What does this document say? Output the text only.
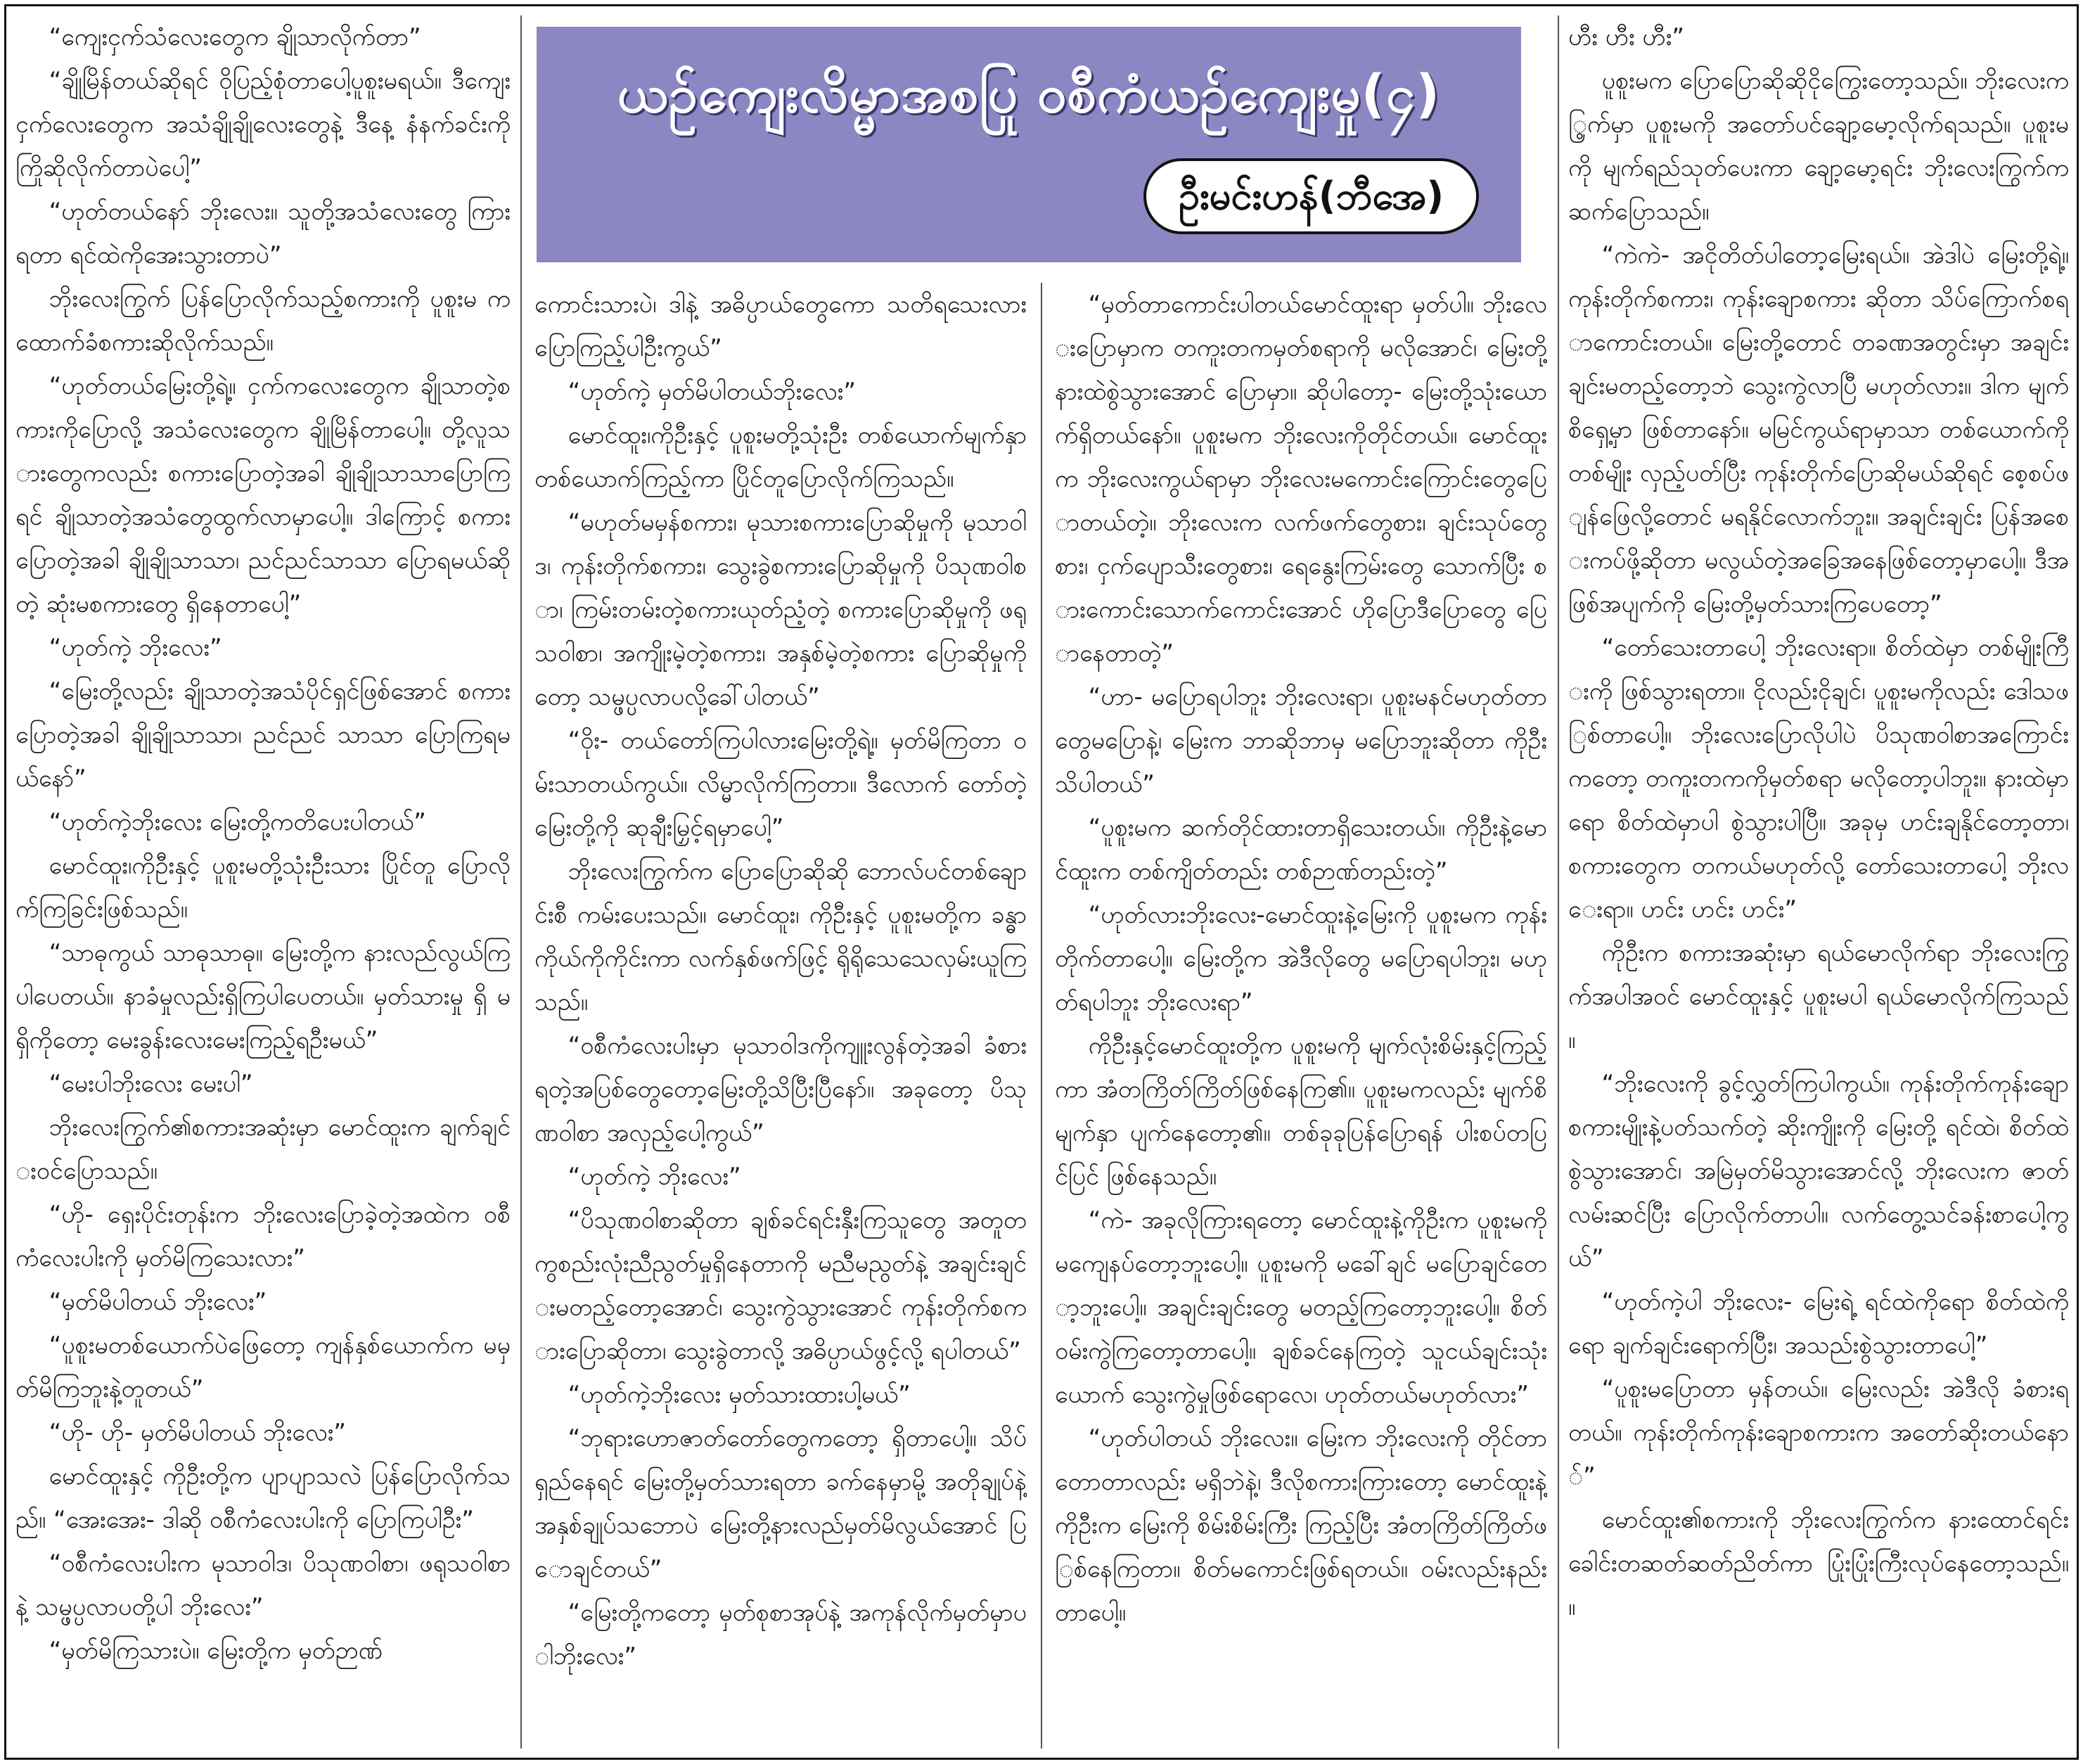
ယဉ်ကျေးလိမ္မာအစပြု ဝစီကံယဉ်ကျေးမှု(၄)
ဦးမင်းဟန်(ဘီအေ)

“ကျေးငှက်သံလေးတွေက ချိုသာလိုက်တာ”

“ချိုမြိန်တယ်ဆိုရင် ဝိုပြည့်စုံတာပေါ့ပူစူးမရယ်။ ဒီကျေးငှက်လေးတွေက အသံချိုချိုလေးတွေနဲ့ ဒီနေ့ နံနက်ခင်းကို ကြိုဆိုလိုက်တာပဲပေါ့”

“ဟုတ်တယ်နော် ဘိုးလေး။ သူတို့အသံလေးတွေ ကြားရတာ ရင်ထဲကိုအေးသွားတာပဲ”

ဘိုးလေးကြွက် ပြန်ပြောလိုက်သည့်စကားကို ပူစူးမ က ထောက်ခံစကားဆိုလိုက်သည်။

“ဟုတ်တယ်မြေးတို့ရဲ့။ ငှက်ကလေးတွေက ချိုသာတဲ့စကားကိုပြောလို့ အသံလေးတွေက ချိုမြိန်တာပေါ့။ တို့လူသားတွေကလည်း စကားပြောတဲ့အခါ ချိုချိုသာသာပြောကြရင် ချိုသာတဲ့အသံတွေထွက်လာမှာပေါ့။ ဒါကြောင့် စကားပြောတဲ့အခါ ချိုချိုသာသာ၊ ညင်ညင်သာသာ ပြောရမယ်ဆိုတဲ့ ဆုံးမစကားတွေ ရှိနေတာပေါ့”

“ဟုတ်ကဲ့ ဘိုးလေး”

“မြေးတို့လည်း ချိုသာတဲ့အသံပိုင်ရှင်ဖြစ်အောင် စကားပြောတဲ့အခါ ချိုချိုသာသာ၊ ညင်ညင် သာသာ ပြောကြရမယ်နော်”

“ဟုတ်ကဲ့ဘိုးလေး မြေးတို့ကတိပေးပါတယ်”

မောင်ထူး၊ကိုဦးနှင့် ပူစူးမတို့သုံးဦးသား ပြိုင်တူ ပြောလိုက်ကြခြင်းဖြစ်သည်။

“သာဓုကွယ် သာဓုသာဓု။ မြေးတို့က နားလည်လွယ်ကြပါပေတယ်။ နာခံမှုလည်းရှိကြပါပေတယ်။ မှတ်သားမှု ရှိ မရှိကိုတော့ မေးခွန်းလေးမေးကြည့်ရဦးမယ်”

“မေးပါဘိုးလေး မေးပါ”

ဘိုးလေးကြွက်၏စကားအဆုံးမှာ မောင်ထူးက ချက်ချင်းဝင်ပြောသည်။

“ဟို- ရှေးပိုင်းတုန်းက ဘိုးလေးပြောခဲ့တဲ့အထဲက ဝစီကံလေးပါးကို မှတ်မိကြသေးလား”

“မှတ်မိပါတယ် ဘိုးလေး”

“ပူစူးမတစ်ယောက်ပဲဖြေတော့ ကျန်နှစ်ယောက်က မမှတ်မိကြဘူးနဲ့တူတယ်”

“ဟို- ဟို- မှတ်မိပါတယ် ဘိုးလေး”

မောင်ထူးနှင့် ကိုဦးတို့က ပျာပျာသလဲ ပြန်ပြောလိုက်သည်။ “အေးအေး- ဒါဆို ဝစီကံလေးပါးကို ပြောကြပါဦး”

“ဝစီကံလေးပါးက မုသာဝါဒ၊ ပိသုဏဝါစာ၊ ဖရုသဝါစာနဲ့ သမ္ဖပ္ပလာပတို့ပါ ဘိုးလေး”

“မှတ်မိကြသားပဲ။ မြေးတို့က မှတ်ဉာဏ်

ကောင်းသားပဲ၊ ဒါနဲ့ အဓိပ္ပာယ်တွေကော သတိရသေးလား ပြောကြည့်ပါဦးကွယ်”

“ဟုတ်ကဲ့ မှတ်မိပါတယ်ဘိုးလေး”

မောင်ထူး၊ကိုဦးနှင့် ပူစူးမတို့သုံးဦး တစ်ယောက်မျက်နှာတစ်ယောက်ကြည့်ကာ ပြိုင်တူပြောလိုက်ကြသည်။

“မဟုတ်မမှန်စကား၊ မုသားစကားပြောဆိုမှုကို မုသာဝါဒ၊ ကုန်းတိုက်စကား၊ သွေးခွဲစကားပြောဆိုမှုကို ပိသုဏဝါစာ၊ ကြမ်းတမ်းတဲ့စကားယုတ်ညံ့တဲ့ စကားပြောဆိုမှုကို ဖရုသဝါစာ၊ အကျိုးမဲ့တဲ့စကား၊ အနှစ်မဲ့တဲ့စကား ပြောဆိုမှုကိုတော့ သမ္ဖပ္ပလာပလို့ခေါ်ပါတယ်”

“ဝိုး- တယ်တော်ကြပါလားမြေးတို့ရဲ့။ မှတ်မိကြတာ ဝမ်းသာတယ်ကွယ်။ လိမ္မာလိုက်ကြတာ။ ဒီလောက် တော်တဲ့မြေးတို့ကို ဆုချီးမြှင့်ရမှာပေါ့”

ဘိုးလေးကြွက်က ပြောပြောဆိုဆို ဘောလ်ပင်တစ်ချောင်းစီ ကမ်းပေးသည်။ မောင်ထူး၊ ကိုဦးနှင့် ပူစူးမတို့က ခန္ဓာကိုယ်ကိုကိုင်းကာ လက်နှစ်ဖက်ဖြင့် ရိုရိုသေသေလှမ်းယူကြသည်။

“ဝစီကံလေးပါးမှာ မုသာဝါဒကိုကျူးလွန်တဲ့အခါ ခံစားရတဲ့အပြစ်တွေတော့မြေးတို့သိပြီးပြီနော်။ အခုတော့ ပိသုဏဝါစာ အလှည့်ပေါ့ကွယ်”

“ဟုတ်ကဲ့ ဘိုးလေး”

“ပိသုဏဝါစာဆိုတာ ချစ်ခင်ရင်းနှီးကြသူတွေ အတူတကွစည်းလုံးညီညွတ်မှုရှိနေတာကို မညီမညွတ်နဲ့ အချင်းချင်းမတည့်တော့အောင်၊ သွေးကွဲသွားအောင် ကုန်းတိုက်စကားပြောဆိုတာ၊ သွေးခွဲတာလို့ အဓိပ္ပာယ်ဖွင့်လို့ ရပါတယ်”

“ဟုတ်ကဲ့ဘိုးလေး မှတ်သားထားပါ့မယ်”

“ဘုရားဟောဇာတ်တော်တွေကတော့ ရှိတာပေါ့။ သိပ်ရှည်နေရင် မြေးတို့မှတ်သားရတာ ခက်နေမှာမို့ အတိုချုပ်နဲ့ အနှစ်ချုပ်သဘောပဲ မြေးတို့နားလည်မှတ်မိလွယ်အောင် ပြောချင်တယ်”

“မြေးတို့ကတော့ မှတ်စုစာအုပ်နဲ့ အကုန်လိုက်မှတ်မှာပါဘိုးလေး”

“မှတ်တာကောင်းပါတယ်မောင်ထူးရာ မှတ်ပါ။ ဘိုးလေးပြောမှာက တကူးတကမှတ်စရာကို မလိုအောင်၊ မြေးတို့ နားထဲစွဲသွားအောင် ပြောမှာ။ ဆိုပါတော့- မြေးတို့သုံးယောက်ရှိတယ်နော်။ ပူစူးမက ဘိုးလေးကိုတိုင်တယ်။ မောင်ထူးက ဘိုးလေးကွယ်ရာမှာ ဘိုးလေးမကောင်းကြောင်းတွေပြောတယ်တဲ့။ ဘိုးလေးက လက်ဖက်တွေစား၊ ချင်းသုပ်တွေစား၊ ငှက်ပျောသီးတွေစား၊ ရေနွေးကြမ်းတွေ သောက်ပြီး စားကောင်းသောက်ကောင်းအောင် ဟိုပြောဒီပြောတွေ ပြောနေတာတဲ့”

“ဟာ- မပြောရပါဘူး ဘိုးလေးရာ၊ ပူစူးမနင်မဟုတ်တာတွေမပြောနဲ့၊ မြေးက ဘာဆိုဘာမှ မပြောဘူးဆိုတာ ကိုဦးသိပါတယ်”

“ပူစူးမက ဆက်တိုင်ထားတာရှိသေးတယ်။ ကိုဦးနဲ့မောင်ထူးက တစ်ကျိတ်တည်း တစ်ဉာဏ်တည်းတဲ့”

“ဟုတ်လားဘိုးလေး-မောင်ထူးနဲ့မြေးကို ပူစူးမက ကုန်းတိုက်တာပေါ့။ မြေးတို့က အဲဒီလိုတွေ မပြောရပါဘူး၊ မဟုတ်ရပါဘူး ဘိုးလေးရာ”

ကိုဦးနှင့်မောင်ထူးတို့က ပူစူးမကို မျက်လုံးစိမ်းနှင့်ကြည့်ကာ အံတကြိတ်ကြိတ်ဖြစ်နေကြ၏။ ပူစူးမကလည်း မျက်စိမျက်နှာ ပျက်နေတော့၏။ တစ်ခုခုပြန်ပြောရန် ပါးစပ်တပြင်ပြင် ဖြစ်နေသည်။

“ကဲ- အခုလိုကြားရတော့ မောင်ထူးနဲ့ကိုဦးက ပူစူးမကို မကျေနပ်တော့ဘူးပေါ့။ ပူစူးမကို မခေါ်ချင် မပြောချင်တော့ဘူးပေါ့။ အချင်းချင်းတွေ မတည့်ကြတော့ဘူးပေါ့။ စိတ်ဝမ်းကွဲကြတော့တာပေါ့။ ချစ်ခင်နေကြတဲ့ သူငယ်ချင်းသုံးယောက် သွေးကွဲမှုဖြစ်ရောလေ၊ ဟုတ်တယ်မဟုတ်လား”

“ဟုတ်ပါတယ် ဘိုးလေး။ မြေးက ဘိုးလေးကို တိုင်တာ တောတာလည်း မရှိဘဲနဲ့၊ ဒီလိုစကားကြားတော့ မောင်ထူးနဲ့ကိုဦးက မြေးကို စိမ်းစိမ်းကြီး ကြည့်ပြီး အံတကြိတ်ကြိတ်ဖြစ်နေကြတာ။ စိတ်မကောင်းဖြစ်ရတယ်။ ဝမ်းလည်းနည်းတာပေါ့။

ဟီး ဟီး ဟီး”

ပူစူးမက ပြောပြောဆိုဆိုငိုကြွေးတော့သည်။ ဘိုးလေးကြွက်မှာ ပူစူးမကို အတော်ပင်ချော့မော့လိုက်ရသည်။ ပူစူးမကို မျက်ရည်သုတ်ပေးကာ ချော့မော့ရင်း ဘိုးလေးကြွက်က ဆက်ပြောသည်။

“ကဲကဲ- အငိုတိတ်ပါတော့မြေးရယ်။ အဲဒါပဲ မြေးတို့ရဲ့။ ကုန်းတိုက်စကား၊ ကုန်းချောစကား ဆိုတာ သိပ်ကြောက်စရာကောင်းတယ်။ မြေးတို့တောင် တခဏအတွင်းမှာ အချင်းချင်းမတည့်တော့ဘဲ သွေးကွဲလာပြီ မဟုတ်လား။ ဒါက မျက်စိရှေ့မှာ ဖြစ်တာနော်။ မမြင်ကွယ်ရာမှာသာ တစ်ယောက်ကို တစ်မျိုး လှည့်ပတ်ပြီး ကုန်းတိုက်ပြောဆိုမယ်ဆိုရင် စေ့စပ်ဖျန်ဖြေလို့တောင် မရနိုင်လောက်ဘူး။ အချင်းချင်း ပြန်အစေးကပ်ဖို့ဆိုတာ မလွယ်တဲ့အခြေအနေဖြစ်တော့မှာပေါ့။ ဒီအဖြစ်အပျက်ကို မြေးတို့မှတ်သားကြပေတော့”

“တော်သေးတာပေါ့ ဘိုးလေးရာ။ စိတ်ထဲမှာ တစ်မျိုးကြီးကို ဖြစ်သွားရတာ။ ငိုလည်းငိုချင်၊ ပူစူးမကိုလည်း ဒေါသဖြစ်တာပေါ့။ ဘိုးလေးပြောလိုပါပဲ ပိသုဏဝါစာအကြောင်းကတော့ တကူးတကကိုမှတ်စရာ မလိုတော့ပါဘူး။ နားထဲမှာရော စိတ်ထဲမှာပါ စွဲသွားပါပြီ။ အခုမှ ဟင်းချနိုင်တော့တာ၊ စကားတွေက တကယ်မဟုတ်လို့ တော်သေးတာပေါ့ ဘိုးလေးရာ။ ဟင်း ဟင်း ဟင်း”

ကိုဦးက စကားအဆုံးမှာ ရယ်မောလိုက်ရာ ဘိုးလေးကြွက်အပါအဝင် မောင်ထူးနှင့် ပူစူးမပါ ရယ်မောလိုက်ကြသည်။

“ဘိုးလေးကို ခွင့်လွှတ်ကြပါကွယ်။ ကုန်းတိုက်ကုန်းချောစကားမျိုးနဲ့ပတ်သက်တဲ့ ဆိုးကျိုးကို မြေးတို့ ရင်ထဲ၊ စိတ်ထဲစွဲသွားအောင်၊ အမြဲမှတ်မိသွားအောင်လို့ ဘိုးလေးက ဇာတ်လမ်းဆင်ပြီး ပြောလိုက်တာပါ။ လက်တွေ့သင်ခန်းစာပေါ့ကွယ်”

“ဟုတ်ကဲ့ပါ ဘိုးလေး- မြေးရဲ့ ရင်ထဲကိုရော စိတ်ထဲကိုရော ချက်ချင်းရောက်ပြီး၊ အသည်းစွဲသွားတာပေါ့”

“ပူစူးမပြောတာ မှန်တယ်။ မြေးလည်း အဲဒီလို ခံစားရတယ်။ ကုန်းတိုက်ကုန်းချောစကားက အတော်ဆိုးတယ်နော်”

မောင်ထူး၏စကားကို ဘိုးလေးကြွက်က နားထောင်ရင်း ခေါင်းတဆတ်ဆတ်ညိတ်ကာ ပြုံးပြုံးကြီးလုပ်နေတော့သည်။ ။
